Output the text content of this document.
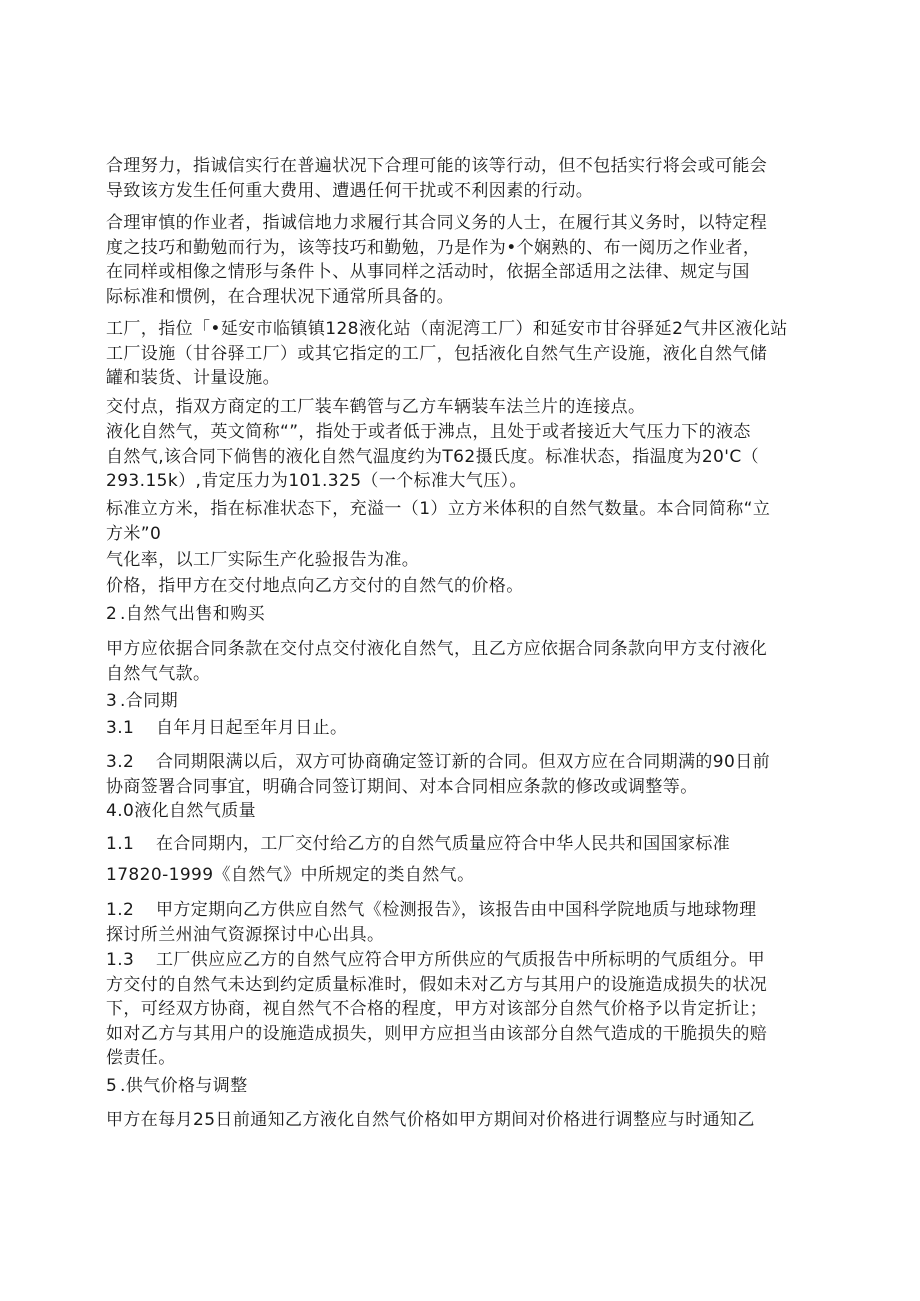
合理努力，指诚信实行在普遍状况下合理可能的该等行动，但不包括实行将会或可能会
导致该方发生任何重大费用、遭遇任何干扰或不利因素的行动。
合理审慎的作业者，指诚信地力求履行其合同义务的人士，在履行其义务时，以特定程
度之技巧和勤勉而行为，该等技巧和勤勉，乃是作为•个娴熟的、布一阅历之作业者，
在同样或相像之情形与条件卜、从事同样之活动时，依据全部适用之法律、规定与国
际标准和惯例，在合理状况下通常所具备的。
工厂，指位「•延安市临镇镇128液化站（南泥湾工厂）和延安市甘谷驿延2气井区液化站
工厂设施（甘谷驿工厂）或其它指定的工厂，包括液化自然气生产设施，液化自然气储
罐和装货、计量设施。
交付点，指双方商定的工厂装车鹤管与乙方车辆装车法兰片的连接点。
液化自然气，英文简称“”，指处于或者低于沸点，且处于或者接近大气压力下的液态
自然气,该合同下倘售的液化自然气温度约为T62摄氏度。标准状态，指温度为20'C（
293.15k）,肯定压力为101.325（一个标准大气压）。
标准立方米，指在标准状态下，充溢一（1）立方米体积的自然气数量。本合同简称“立
方米”0
气化率，以工厂实际生产化验报告为准。
价格，指甲方在交付地点向乙方交付的自然气的价格。
2 .自然气出售和购买
甲方应依据合同条款在交付点交付液化自然气，且乙方应依据合同条款向甲方支付液化
自然气气款。
3 .合同期
3.1 自年月日起至年月日止。
3.2 合同期限满以后，双方可协商确定签订新的合同。但双方应在合同期满的90日前
协商签署合同事宜，明确合同签订期间、对本合同相应条款的修改或调整等。
4.0液化自然气质量
1.1 在合同期内，工厂交付给乙方的自然气质量应符合中华人民共和国国家标准
17820-1999《自然气》中所规定的类自然气。
1.2 甲方定期向乙方供应自然气《检测报告》，该报告由中国科学院地质与地球物理
探讨所兰州油气资源探讨中心出具。
1.3 工厂供应应乙方的自然气应符合甲方所供应的气质报告中所标明的气质组分。甲
方交付的自然气未达到约定质量标准时，假如未对乙方与其用户的设施造成损失的状况
下，可经双方协商，视自然气不合格的程度，甲方对该部分自然气价格予以肯定折让；
如对乙方与其用户的设施造成损失，则甲方应担当由该部分自然气造成的干脆损失的赔
偿责任。
5 .供气价格与调整
甲方在每月25日前通知乙方液化自然气价格如甲方期间对价格进行调整应与时通知乙
